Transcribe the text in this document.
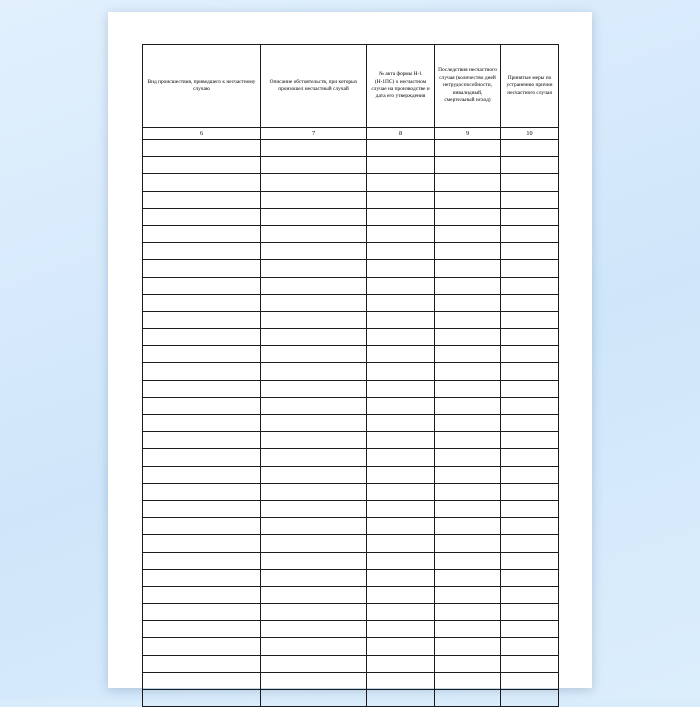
Вид происшествия, приведшего к несчастному случаю	Описание обстоятельств, при которых произошел несчастный случай	№ акта формы Н-1 (Н-1ПС) о несчастном случае на производстве и дата его утверждения	Последствия несчастного случая (количество дней нетрудоспособности, инвалидный, смертельный исход)	Принятые меры по устранению причин несчастного случая
6	7	8	9	10
